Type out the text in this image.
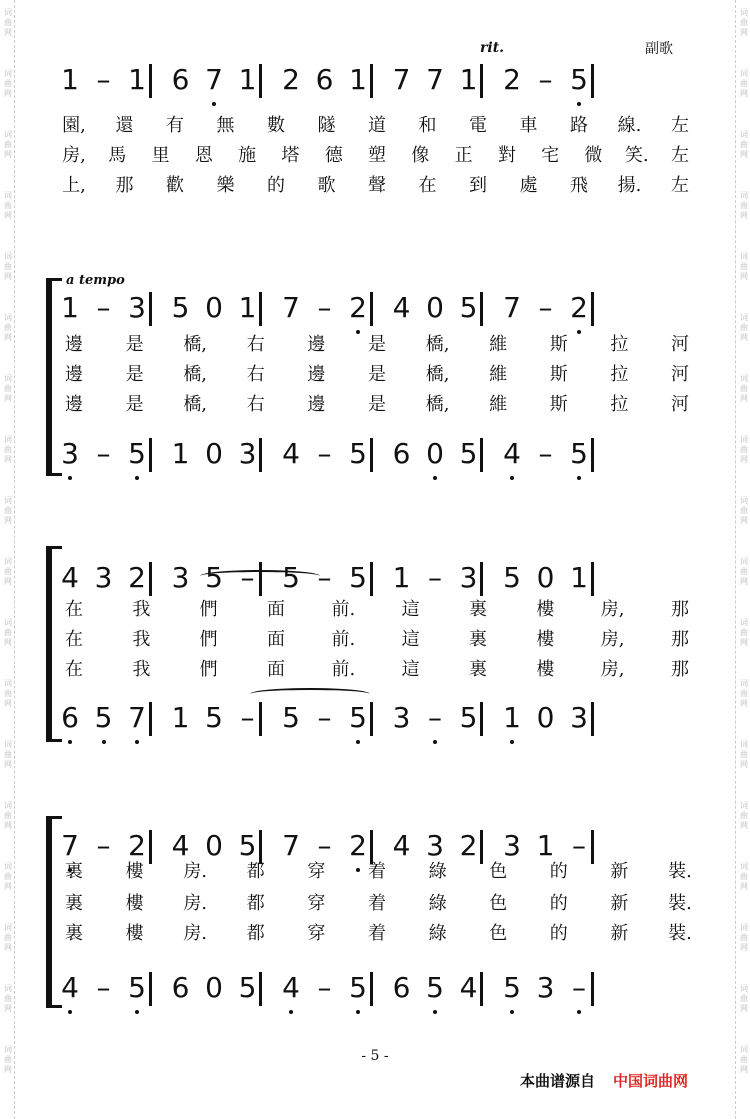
词曲网
词曲网
词曲网
词曲网
词曲网
词曲网
词曲网
词曲网
词曲网
词曲网
词曲网
词曲网
词曲网
词曲网
词曲网
词曲网
词曲网
词曲网
词曲网
词曲网
词曲网
词曲网
词曲网
词曲网
词曲网
词曲网
词曲网
词曲网
词曲网
词曲网
词曲网
词曲网
词曲网
词曲网
词曲网
词曲网
rit.	副歌
a tempo
1 – 1 6 7 1 2 6 1 7 7 1 2 – 5
園, 還 有 無 數 隧 道 和 電 車 路 線. 左
房, 馬 里 恩 施 塔 德 塑 像 正 對 宅 微 笑. 左
上, 那 歡 樂 的 歌 聲 在 到 處 飛 揚. 左
1 – 3 5 0 1 7 – 2 4 0 5 7 – 2
邊 是 橋, 右 邊 是 橋, 維 斯 拉 河
邊 是 橋, 右 邊 是 橋, 維 斯 拉 河
邊 是 橋, 右 邊 是 橋, 維 斯 拉 河
3 – 5 1 0 3 4 – 5 6 0 5 4 – 5
4 3 2 3 5 – 5 – 5 1 – 3 5 0 1
在	我	們	面	前.	這	裏	樓	房,	那
在	我	們	面	前.	這	裏	樓	房,	那
在	我	們	面	前.	這	裏	樓	房,	那
6 5 7 1 5 – 5 – 5 3 – 5 1 0 3
7 – 2 4 0 5 7 – 2 4 3 2 3 1 –
裏 樓 房. 都 穿 着 綠 色 的 新 裝.
裏 樓 房. 都 穿 着 綠 色 的 新 裝.
裏 樓 房. 都 穿 着 綠 色 的 新 裝.
4 – 5 6 0 5 4 – 5 6 5 4 5 3 –
- 5 -
本曲谱源自 中国词曲网
